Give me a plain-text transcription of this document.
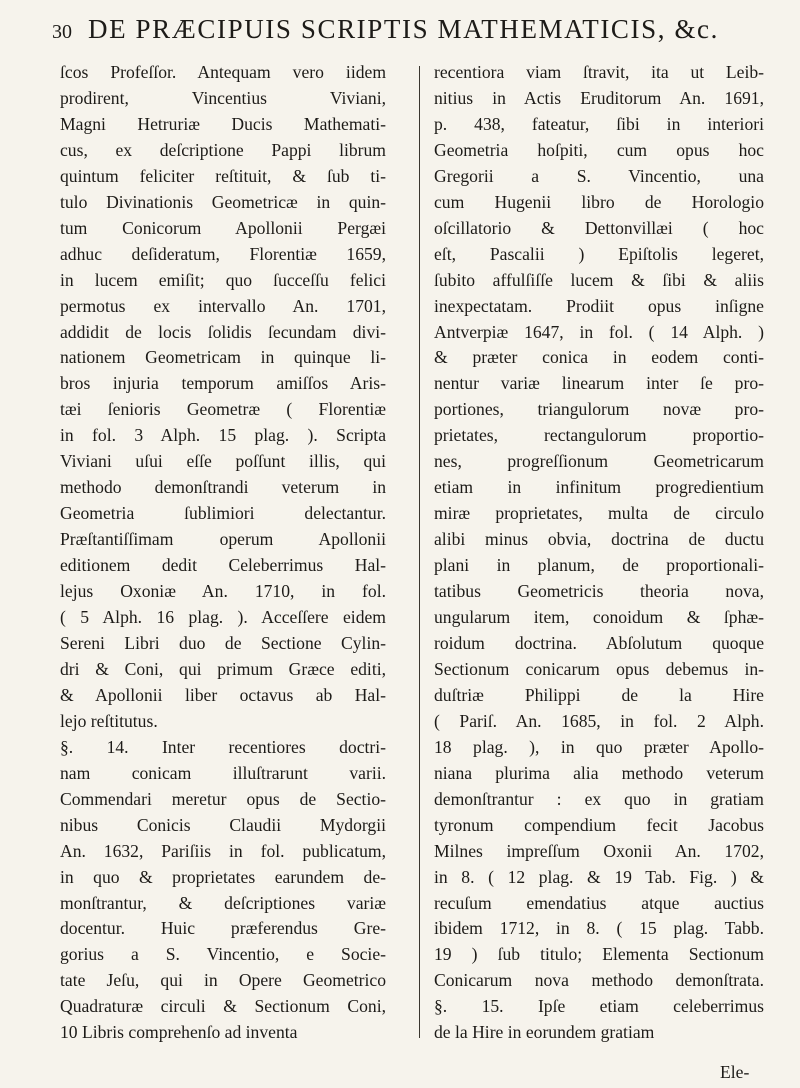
30 DE PRÆCIPUIS SCRIPTIS MATHEMATICIS, &c.
ſcos Profeſſor. Antequam vero iidem
prodirent, Vincentius Viviani,
Magni Hetruriæ Ducis Mathemati-
cus, ex deſcriptione Pappi librum
quintum feliciter reſtituit, & ſub ti-
tulo Divinationis Geometricæ in quin-
tum Conicorum Apollonii Pergæi
adhuc deſideratum, Florentiæ 1659,
in lucem emiſit; quo ſucceſſu felici
permotus ex intervallo An. 1701,
addidit de locis ſolidis ſecundam divi-
nationem Geometricam in quinque li-
bros injuria temporum amiſſos Aris-
tæi ſenioris Geometræ ( Florentiæ
in fol. 3 Alph. 15 plag. ). Scripta
Viviani uſui eſſe poſſunt illis, qui
methodo demonſtrandi veterum in
Geometria ſublimiori delectantur.
Præſtantiſſimam operum Apollonii
editionem dedit Celeberrimus Hal-
lejus Oxoniæ An. 1710, in fol.
( 5 Alph. 16 plag. ). Acceſſere eidem
Sereni Libri duo de Sectione Cylin-
dri & Coni, qui primum Græce editi,
& Apollonii liber octavus ab Hal-
lejo reſtitutus.
§. 14. Inter recentiores doctri-
nam conicam illuſtrarunt varii.
Commendari meretur opus de Sectio-
nibus Conicis Claudii Mydorgii
An. 1632, Pariſiis in fol. publicatum,
in quo & proprietates earundem de-
monſtrantur, & deſcriptiones variæ
docentur. Huic præferendus Gre-
gorius a S. Vincentio, e Socie-
tate Jeſu, qui in Opere Geometrico
Quadraturæ circuli & Sectionum Coni,
10 Libris comprehenſo ad inventa
recentiora viam ſtravit, ita ut Leib-
nitius in Actis Eruditorum An. 1691,
p. 438, fateatur, ſibi in interiori
Geometria hoſpiti, cum opus hoc
Gregorii a S. Vincentio, una
cum Hugenii libro de Horologio
oſcillatorio & Dettonvillæi ( hoc
eſt, Pascalii ) Epiſtolis legeret,
ſubito affulſiſſe lucem & ſibi & aliis
inexpectatam. Prodiit opus inſigne
Antverpiæ 1647, in fol. ( 14 Alph. )
& præter conica in eodem conti-
nentur variæ linearum inter ſe pro-
portiones, triangulorum novæ pro-
prietates, rectangulorum proportio-
nes, progreſſionum Geometricarum
etiam in infinitum progredientium
miræ proprietates, multa de circulo
alibi minus obvia, doctrina de ductu
plani in planum, de proportionali-
tatibus Geometricis theoria nova,
ungularum item, conoidum & ſphæ-
roidum doctrina. Abſolutum quoque
Sectionum conicarum opus debemus in-
duſtriæ Philippi de la Hire
( Pariſ. An. 1685, in fol. 2 Alph.
18 plag. ), in quo præter Apollo-
niana plurima alia methodo veterum
demonſtrantur : ex quo in gratiam
tyronum compendium fecit Jacobus
Milnes impreſſum Oxonii An. 1702,
in 8. ( 12 plag. & 19 Tab. Fig. ) &
recuſum emendatius atque auctius
ibidem 1712, in 8. ( 15 plag. Tabb.
19 ) ſub titulo; Elementa Sectionum
Conicarum nova methodo demonſtrata.
§. 15. Ipſe etiam celeberrimus
de la Hire in eorundem gratiam
Ele-
